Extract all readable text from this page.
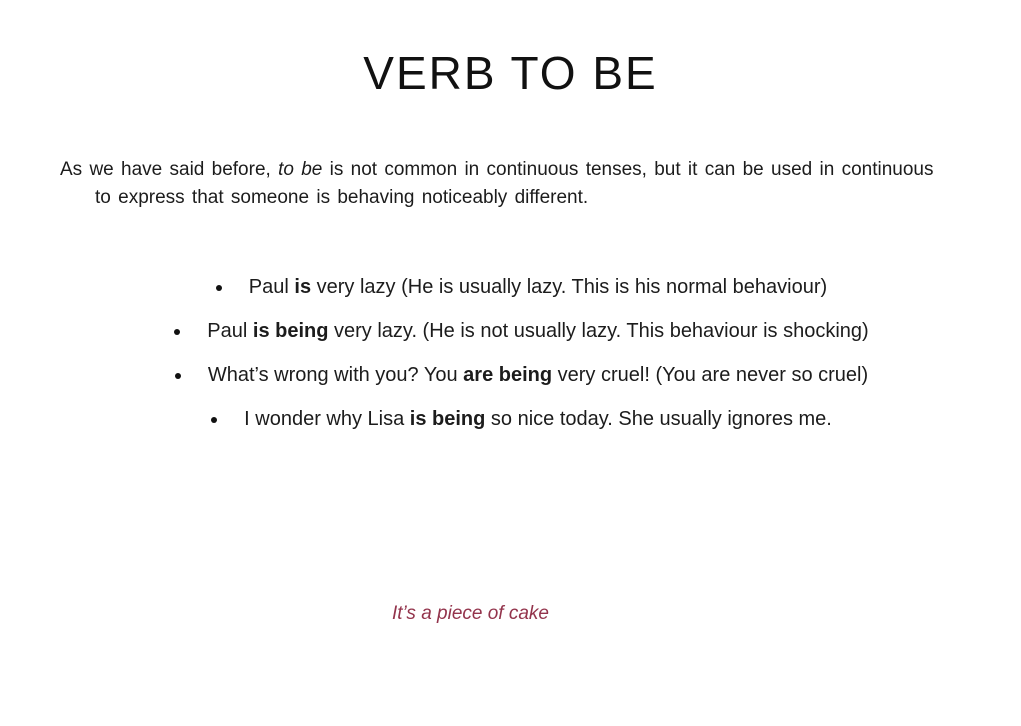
VERB TO BE

As we have said before, to be is not common in continuous tenses, but it can be used in continuous
to express that someone is behaving noticeably different.

Paul is very lazy (He is usually lazy. This is his normal behaviour)
Paul is being very lazy. (He is not usually lazy. This behaviour is shocking)
What’s wrong with you? You are being very cruel! (You are never so cruel)
I wonder why Lisa is being so nice today. She usually ignores me.
It’s a piece of cake
